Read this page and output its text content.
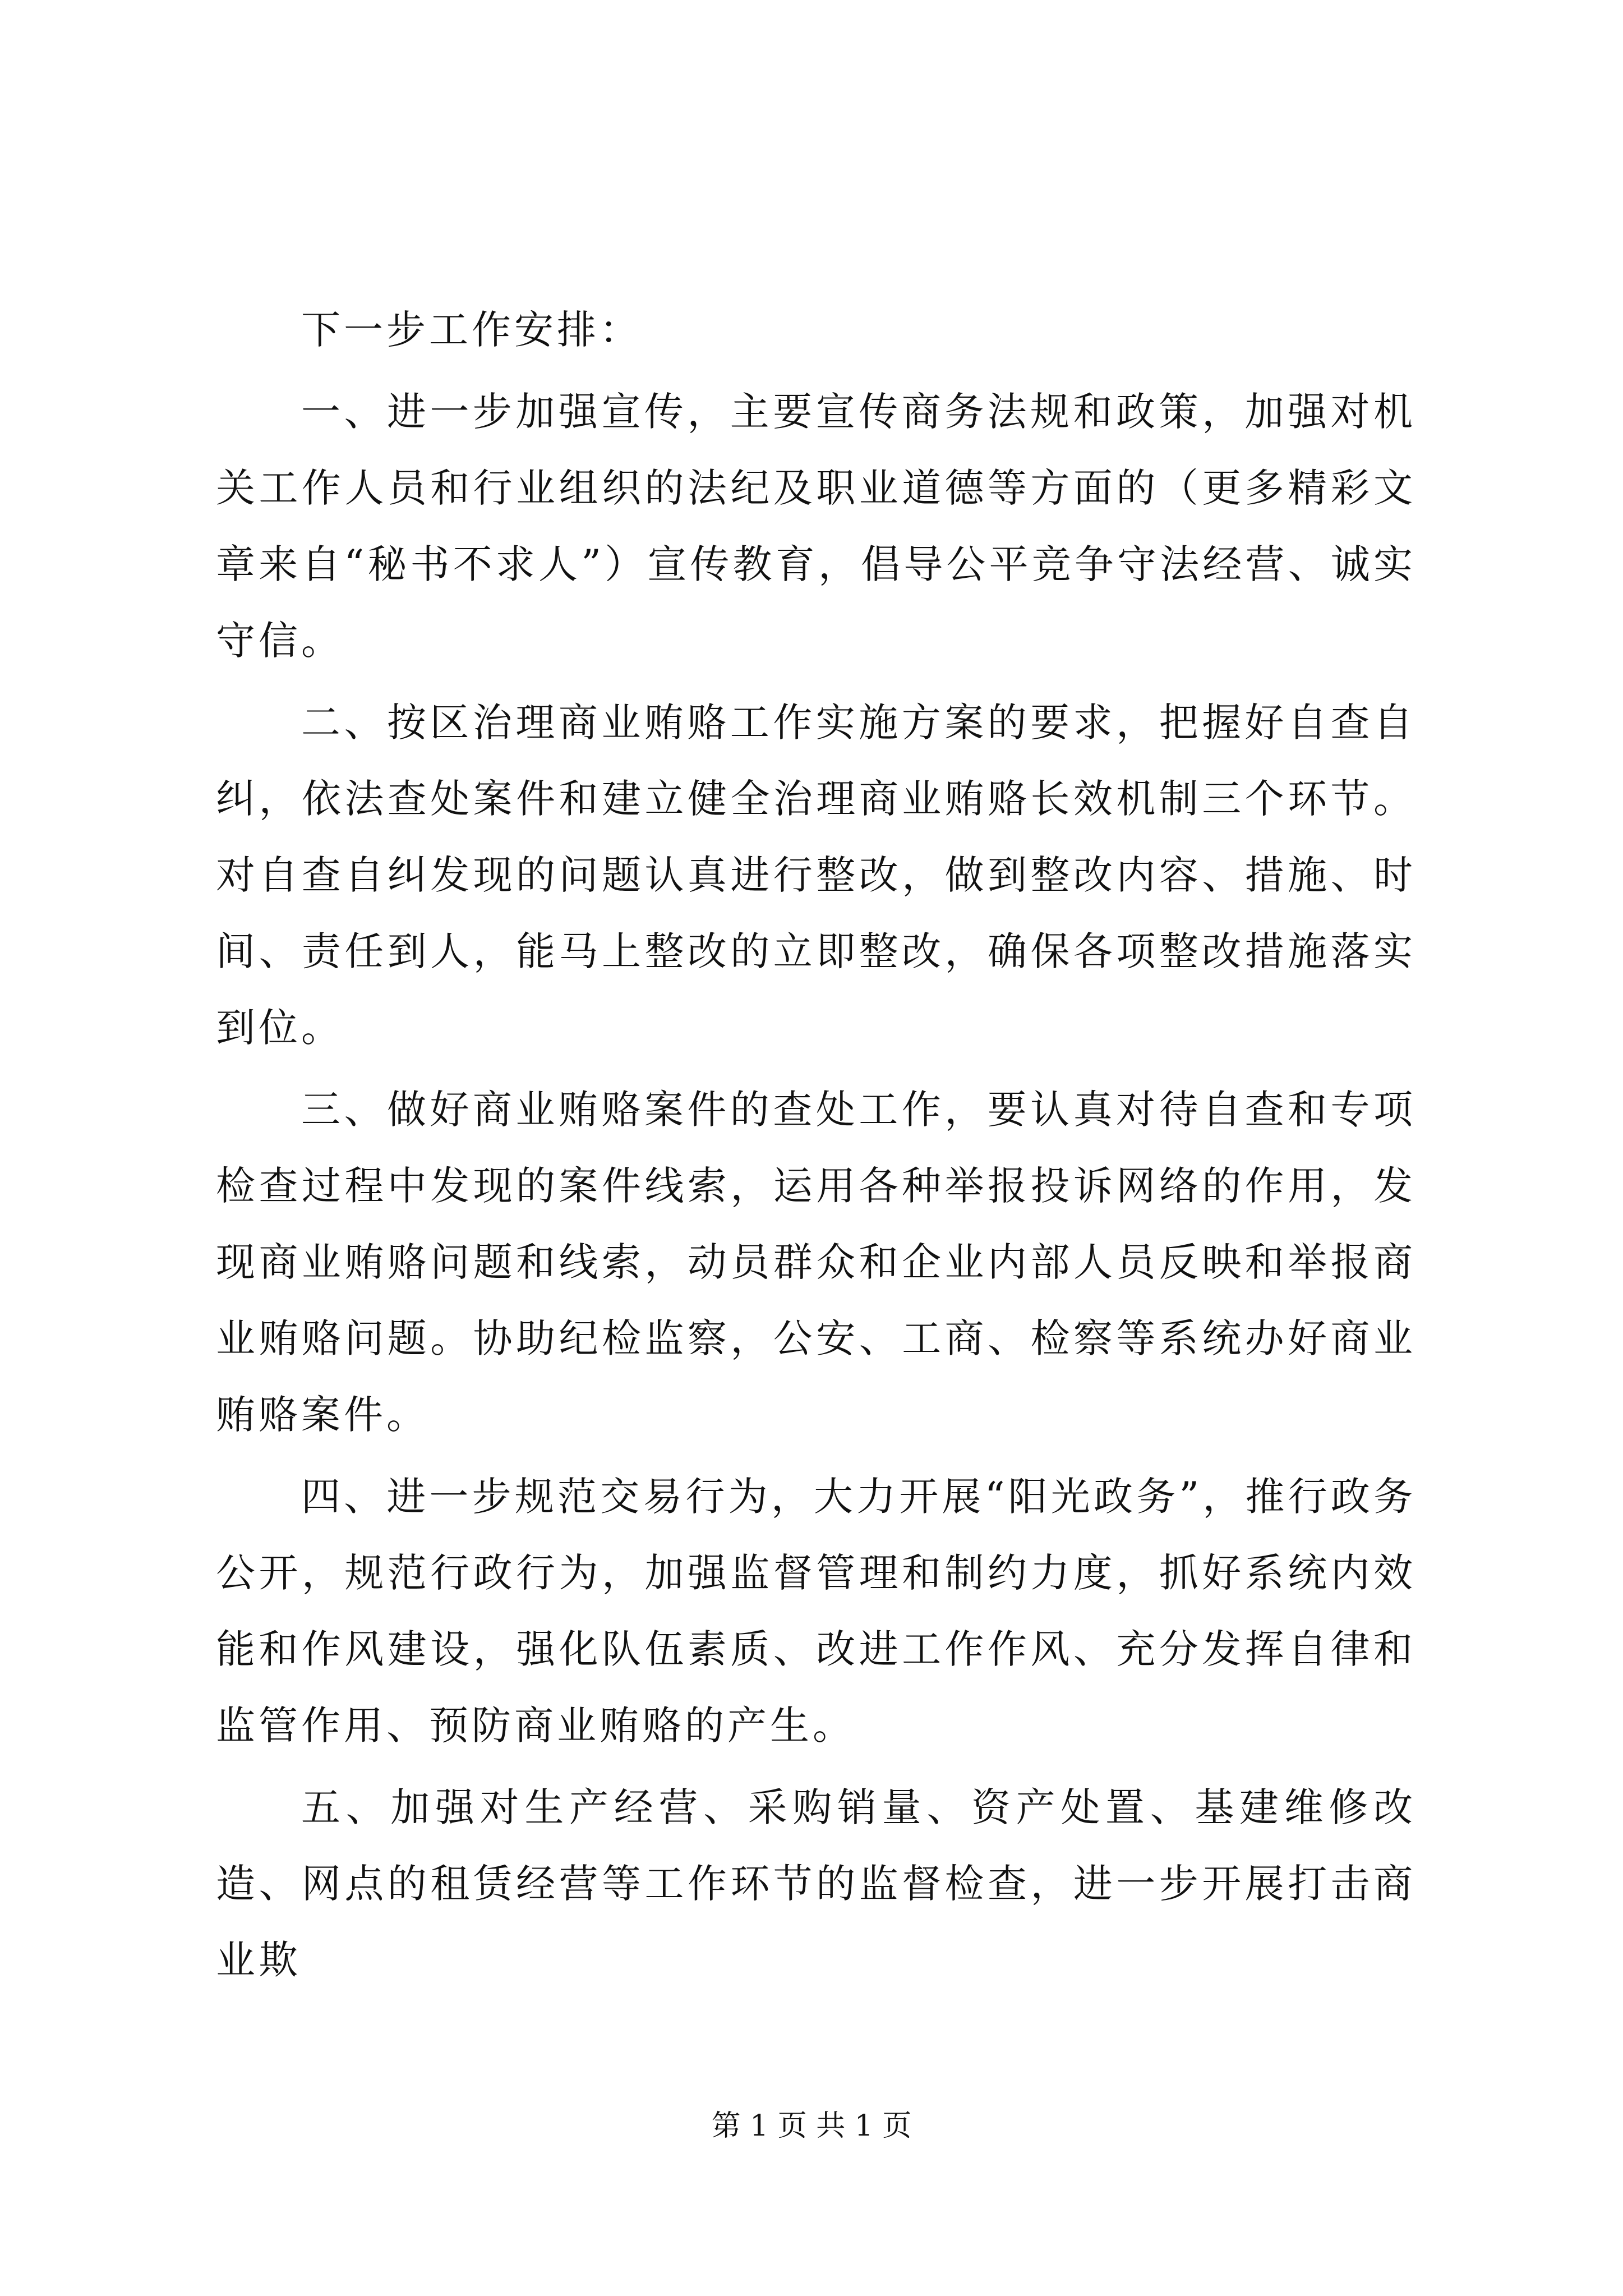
下一步工作安排：

一、进一步加强宣传，主要宣传商务法规和政策，加强对机关工作人员和行业组织的法纪及职业道德等方面的（更多精彩文章来自“秘书不求人”）宣传教育，倡导公平竞争守法经营、诚实守信。

二、按区治理商业贿赂工作实施方案的要求，把握好自查自纠，依法查处案件和建立健全治理商业贿赂长效机制三个环节。对自查自纠发现的问题认真进行整改，做到整改内容、措施、时间、责任到人，能马上整改的立即整改，确保各项整改措施落实到位。

三、做好商业贿赂案件的查处工作，要认真对待自查和专项检查过程中发现的案件线索，运用各种举报投诉网络的作用，发现商业贿赂问题和线索，动员群众和企业内部人员反映和举报商业贿赂问题。协助纪检监察，公安、工商、检察等系统办好商业贿赂案件。

四、进一步规范交易行为，大力开展“阳光政务”，推行政务公开，规范行政行为，加强监督管理和制约力度，抓好系统内效能和作风建设，强化队伍素质、改进工作作风、充分发挥自律和监管作用、预防商业贿赂的产生。

五、加强对生产经营、采购销量、资产处置、基建维修改造、网点的租赁经营等工作环节的监督检查，进一步开展打击商业欺

第 1 页 共 1 页
